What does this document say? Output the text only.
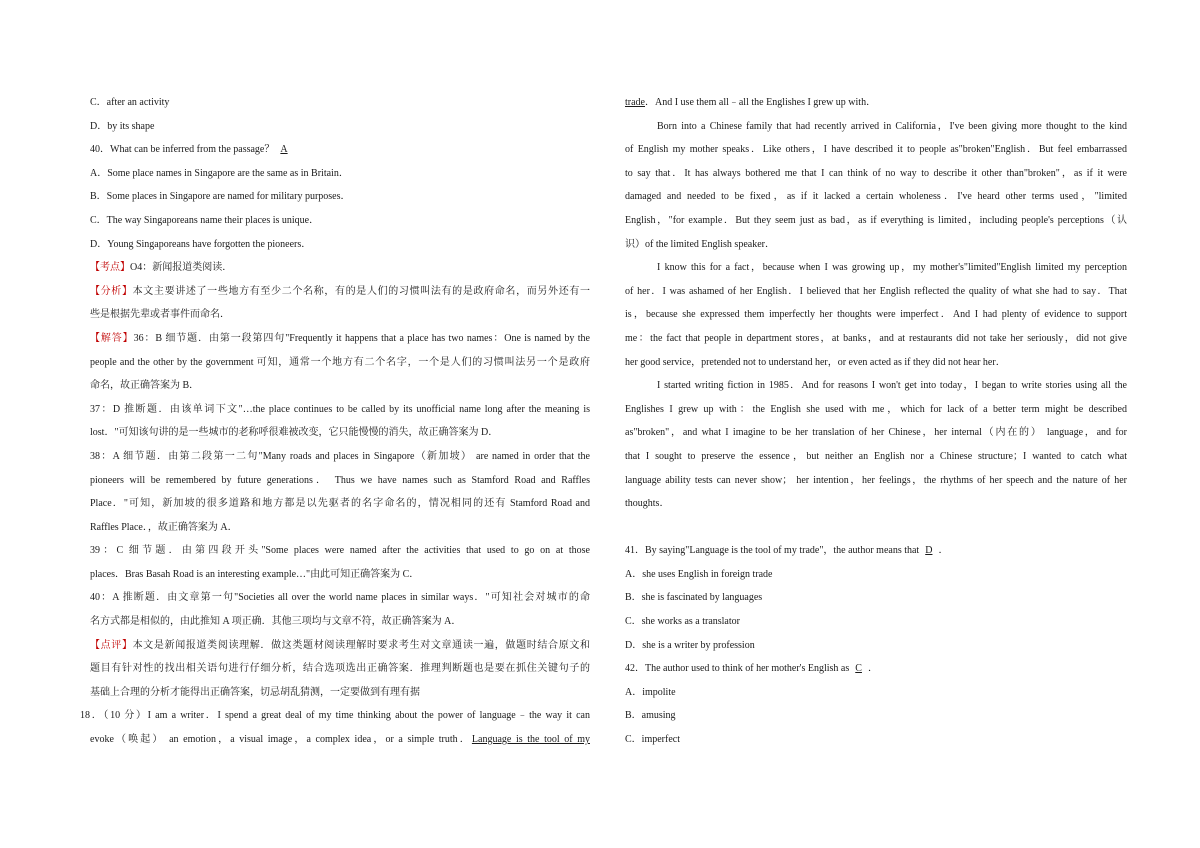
C．after an activity
D．by its shape
40．What can be inferred from the passage？ A
A．Some place names in Singapore are the same as in Britain．
B．Some places in Singapore are named for military purposes．
C．The way Singaporeans name their places is unique．
D．Young Singaporeans have forgotten the pioneers．
【考点】O4：新闻报道类阅读．
【分析】本文主要讲述了一些地方有至少二个名称，有的是人们的习惯叫法有的是政府命名，而另外还有一
些是根据先辈或者事件而命名．
【解答】36：B 细节题．由第一段第四句"Frequently it happens that a place has two names：One is named by the
people and the other by the government 可知，通常一个地方有二个名字，一个是人们的习惯叫法另一个是政府
命名，故正确答案为 B．
37：D 推断题．由该单词下文"…the place continues to be called by its unofficial name long after the meaning is
lost．"可知该句讲的是一些城市的老称呼很难被改变，它只能慢慢的消失，故正确答案为 D．
38：A 细节题．由第二段第一二句"Many roads and places in Singapore（新加坡） are named in order that the
pioneers will be remembered by future generations． Thus we have names such as Stamford Road and Raffles
Place．"可知，新加坡的很多道路和地方都是以先驱者的名字命名的，情况相同的还有 Stamford Road and
Raffles Place．，故正确答案为 A．
39：C 细节题．由第四段开头"Some places were named after the activities that used to go on at those
places．Bras Basah Road is an interesting example…"由此可知正确答案为 C．
40：A 推断题．由文章第一句"Societies all over the world name places in similar ways．"可知社会对城市的命
名方式都是相似的，由此推知 A 项正确．其他三项均与文章不符，故正确答案为 A．
【点评】本文是新闻报道类阅读理解．做这类题材阅读理解时要求考生对文章通读一遍，做题时结合原文和
题目有针对性的找出相关语句进行仔细分析，结合选项选出正确答案．推理判断题也是要在抓住关键句子的
基础上合理的分析才能得出正确答案，切忌胡乱猜测，一定要做到有理有据
18．（10 分）I am a writer．I spend a great deal of my time thinking about the power of language﹣the way it can
evoke（唤起） an emotion，a visual image，a complex idea，or a simple truth．Language is the tool of my
trade．And I use them all﹣all the Englishes I grew up with．
Born into a Chinese family that had recently arrived in California，I've been giving more thought to the kind
of English my mother speaks．Like others，I have described it to people as"broken"English．But feel embarrassed
to say that．It has always bothered me that I can think of no way to describe it other than"broken"，as if it were
damaged and needed to be fixed，as if it lacked a certain wholeness．I've heard other terms used，"limited
English，"for example．But they seem just as bad，as if everything is limited，including people's perceptions（认
识）of the limited English speaker．
I know this for a fact，because when I was growing up，my mother's"limited"English limited my perception
of her．I was ashamed of her English．I believed that her English reflected the quality of what she had to say．That
is，because she expressed them imperfectly her thoughts were imperfect．And I had plenty of evidence to support
me：the fact that people in department stores，at banks，and at restaurants did not take her seriously，did not give
her good service，pretended not to understand her，or even acted as if they did not hear her．
I started writing fiction in 1985．And for reasons I won't get into today，I began to write stories using all the
Englishes I grew up with：the English she used with me，which for lack of a better term might be described
as"broken"，and what I imagine to be her translation of her Chinese，her internal（内在的） language，and for
that I sought to preserve the essence，but neither an English nor a Chinese structure；I wanted to catch what
language ability tests can never show； her intention，her feelings，the rhythms of her speech and the nature of her
thoughts．
41．By saying"Language is the tool of my trade"，the author means that D ．
A．she uses English in foreign trade
B．she is fascinated by languages
C．she works as a translator
D．she is a writer by profession
42．The author used to think of her mother's English as C ．
A．impolite
B．amusing
C．imperfect
